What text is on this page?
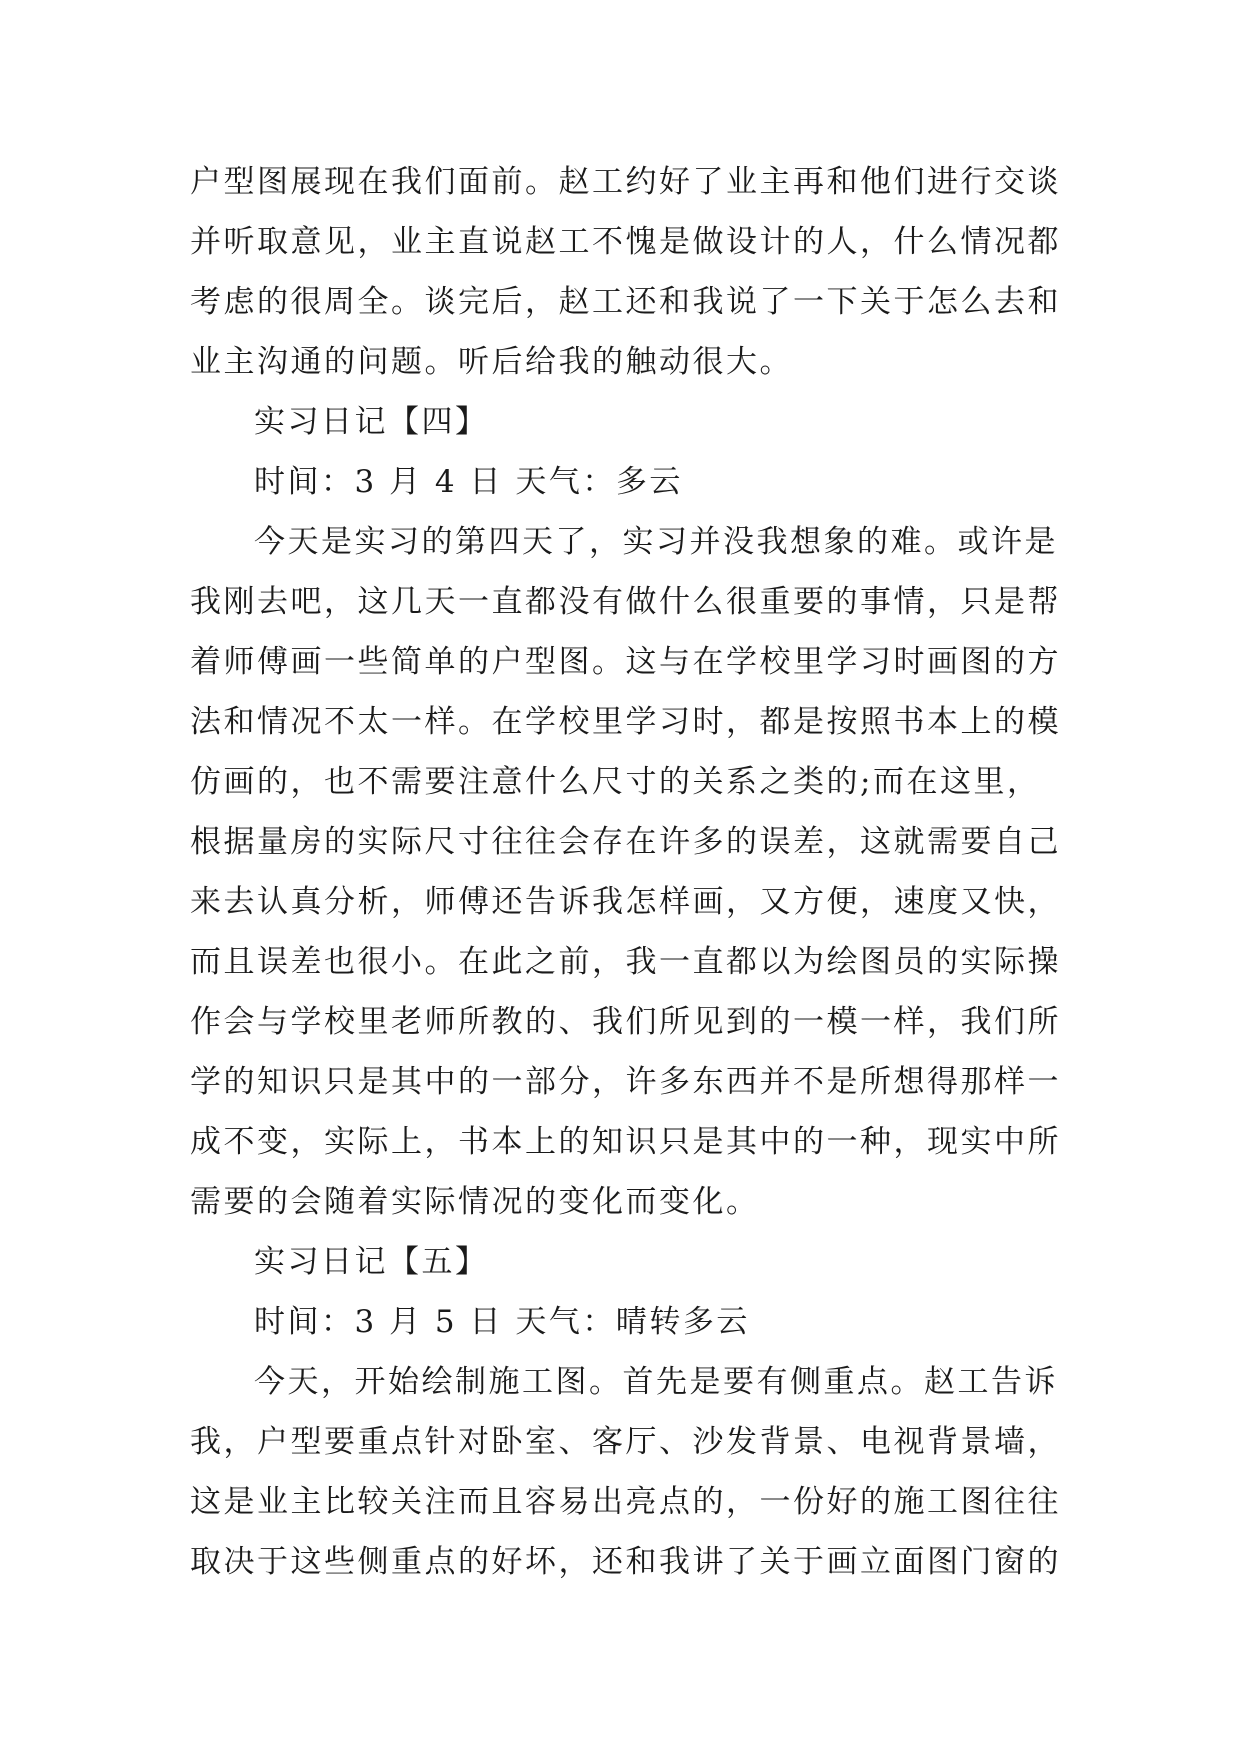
户型图展现在我们面前。赵工约好了业主再和他们进行交谈
并听取意见，业主直说赵工不愧是做设计的人，什么情况都
考虑的很周全。谈完后，赵工还和我说了一下关于怎么去和
业主沟通的问题。听后给我的触动很大。
实习日记【四】
时间：3 月 4 日 天气：多云
今天是实习的第四天了，实习并没我想象的难。或许是
我刚去吧，这几天一直都没有做什么很重要的事情，只是帮
着师傅画一些简单的户型图。这与在学校里学习时画图的方
法和情况不太一样。在学校里学习时，都是按照书本上的模
仿画的，也不需要注意什么尺寸的关系之类的;而在这里，
根据量房的实际尺寸往往会存在许多的误差，这就需要自己
来去认真分析，师傅还告诉我怎样画，又方便，速度又快，
而且误差也很小。在此之前，我一直都以为绘图员的实际操
作会与学校里老师所教的、我们所见到的一模一样，我们所
学的知识只是其中的一部分，许多东西并不是所想得那样一
成不变，实际上，书本上的知识只是其中的一种，现实中所
需要的会随着实际情况的变化而变化。
实习日记【五】
时间：3 月 5 日 天气：晴转多云
今天，开始绘制施工图。首先是要有侧重点。赵工告诉
我，户型要重点针对卧室、客厅、沙发背景、电视背景墙，
这是业主比较关注而且容易出亮点的，一份好的施工图往往
取决于这些侧重点的好坏，还和我讲了关于画立面图门窗的
